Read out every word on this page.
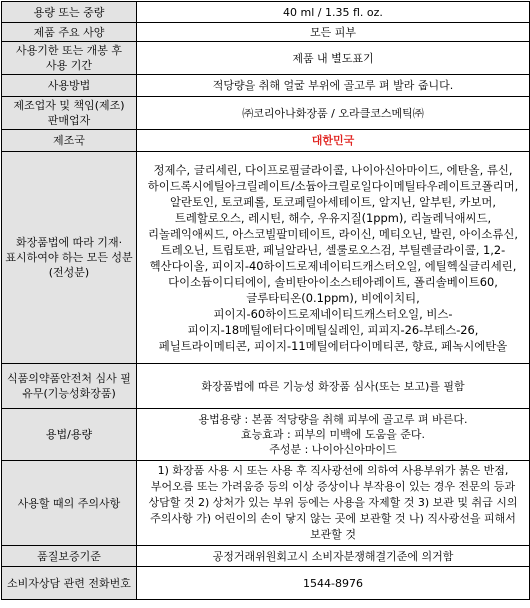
용량 또는 중량	40 ml / 1.35 fl. oz.
제품 주요 사양	모든 피부
사용기한 또는 개봉 후 사용 기간	제품 내 별도표기
사용방법	적당량을 취해 얼굴 부위에 골고루 펴 발라 줍니다.
제조업자 및 책임(제조)판매업자	㈜코리아나화장품 / 오라클코스메틱㈜
제조국	대한민국
화장품법에 따라 기재·표시하여야 하는 모든 성분(전성분)	정제수, 글리세린, 다이프로필글라이콜, 나이아신아마이드, 에탄올, 류신, 하이드록시에틸아크릴레이트/소듐아크릴로일다이메틸타우레이트코폴리머, 알란토인, 토코페롤, 토코페릴아세테이트, 알지닌, 알부틴, 카보머, 트레할로오스, 레시틴, 해수, 우유지질(1ppm), 리놀레닉애씨드, 리놀레익애씨드, 아스코빌팔미테이트, 라이신, 메티오닌, 발린, 아이소류신, 트레오닌, 트립토판, 페닐알라닌, 셀룰로오스검, 부틸렌글라이콜, 1,2-헥산다이올, 피이지-40하이드로제네이티드캐스터오일, 에틸헥실글리세린, 다이소듐이디티에이, 솔비탄아이소스테아레이트, 폴리솔베이트60, 글루타티온(0.1ppm), 비에이치티, 피이지-60하이드로제네이티드캐스터오일, 비스-피이지-18메틸에터다이메틸실레인, 피피지-26-부테스-26, 페닐트라이메티콘, 피이지-11메틸에터다이메티콘, 향료, 페녹시에탄올
식품의약품안전처 심사 필 유무(기능성화장품)	화장품법에 따른 기능성 화장품 심사(또는 보고)를 필함
용법/용량	용법용량 : 본품 적당량을 취해 피부에 골고루 펴 바른다.
효능효과 : 피부의 미백에 도움을 준다.
주성분 : 나이아신아마이드

사용할 때의 주의사항	1) 화장품 사용 시 또는 사용 후 직사광선에 의하여 사용부위가 붉은 반점, 부어오름 또는 가려움증 등의 이상 증상이나 부작용이 있는 경우 전문의 등과 상담할 것 2) 상처가 있는 부위 등에는 사용을 자제할 것 3) 보관 및 취급 시의 주의사항 가) 어린이의 손이 닿지 않는 곳에 보관할 것 나) 직사광선을 피해서 보관할 것
품질보증기준	공정거래위원회고시 소비자분쟁해결기준에 의거함
소비자상담 관련 전화번호	1544-8976
